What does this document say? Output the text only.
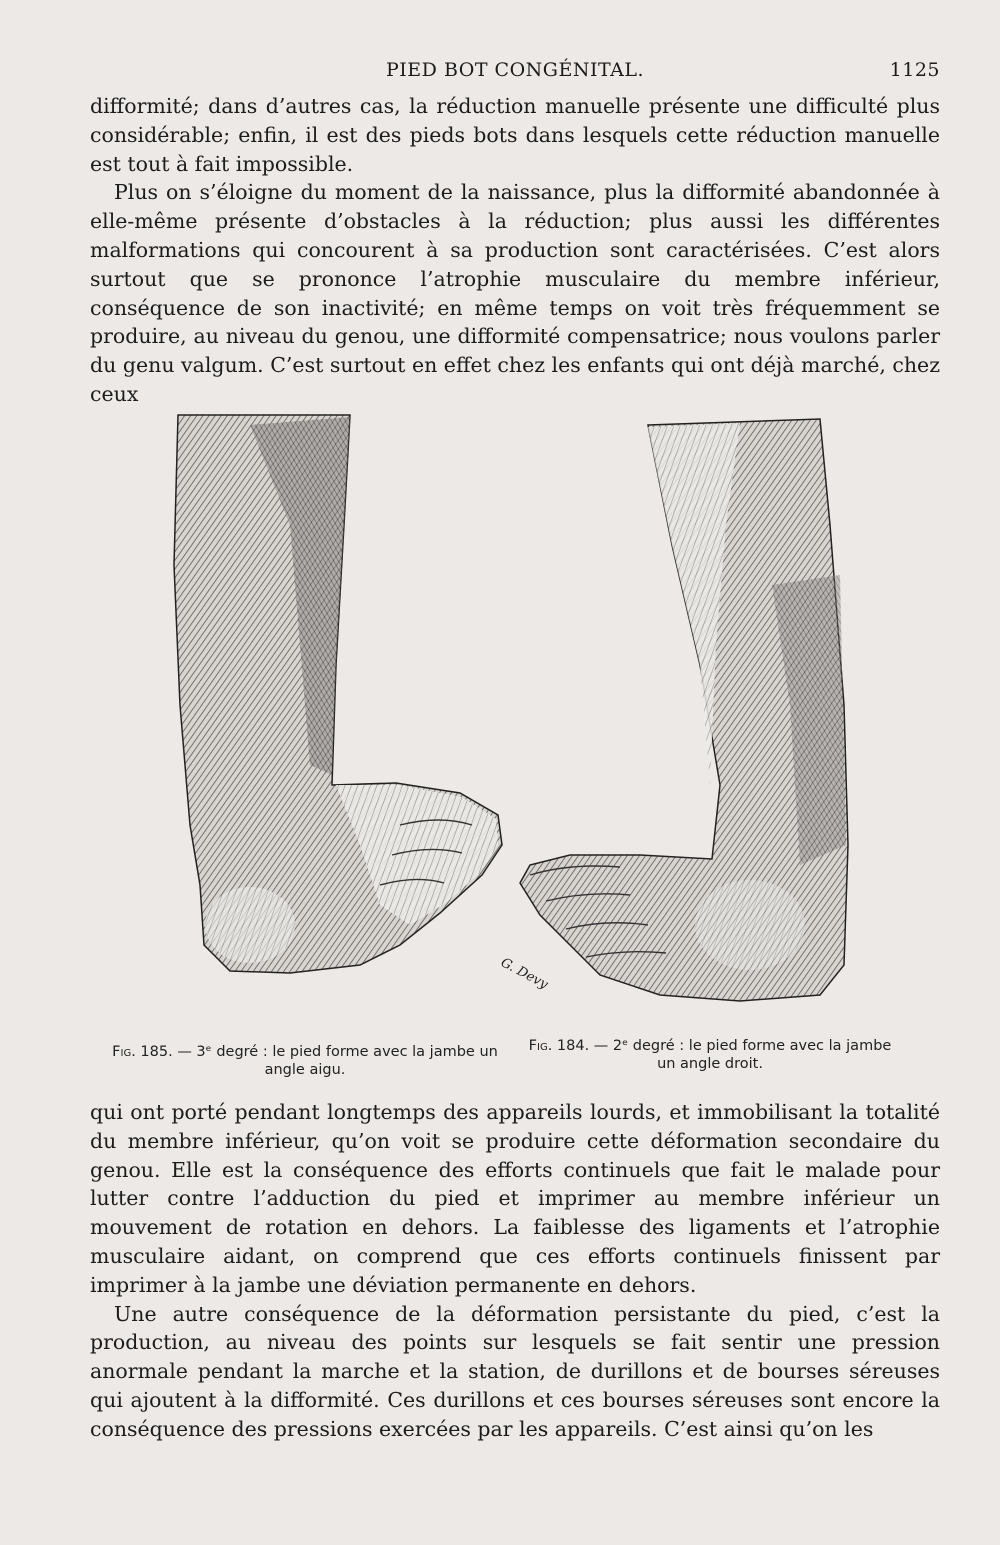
PIED BOT CONGÉNITAL.	1125

difformité; dans d’autres cas, la réduction manuelle présente une difficulté plus considérable; enfin, il est des pieds bots dans lesquels cette réduction manuelle est tout à fait impossible.

Plus on s’éloigne du moment de la naissance, plus la difformité abandonnée à elle-même présente d’obstacles à la réduction; plus aussi les différentes malformations qui concourent à sa production sont caractérisées. C’est alors surtout que se prononce l’atrophie musculaire du membre inférieur, conséquence de son inactivité; en même temps on voit très fréquemment se produire, au niveau du genou, une difformité compensatrice; nous voulons parler du genu valgum. C’est surtout en effet chez les enfants qui ont déjà marché, chez ceux

G. Devy
Fig. 185. — 3ᵉ degré : le pied forme avec la jambe un angle aigu.
Fig. 184. — 2ᵉ degré : le pied forme avec la jambe un angle droit.

qui ont porté pendant longtemps des appareils lourds, et immobilisant la totalité du membre inférieur, qu’on voit se produire cette déformation secondaire du genou. Elle est la conséquence des efforts continuels que fait le malade pour lutter contre l’adduction du pied et imprimer au membre inférieur un mouvement de rotation en dehors. La faiblesse des ligaments et l’atrophie musculaire aidant, on comprend que ces efforts continuels finissent par imprimer à la jambe une déviation permanente en dehors.

Une autre conséquence de la déformation persistante du pied, c’est la production, au niveau des points sur lesquels se fait sentir une pression anormale pendant la marche et la station, de durillons et de bourses séreuses qui ajoutent à la difformité. Ces durillons et ces bourses séreuses sont encore la conséquence des pressions exercées par les appareils. C’est ainsi qu’on les
